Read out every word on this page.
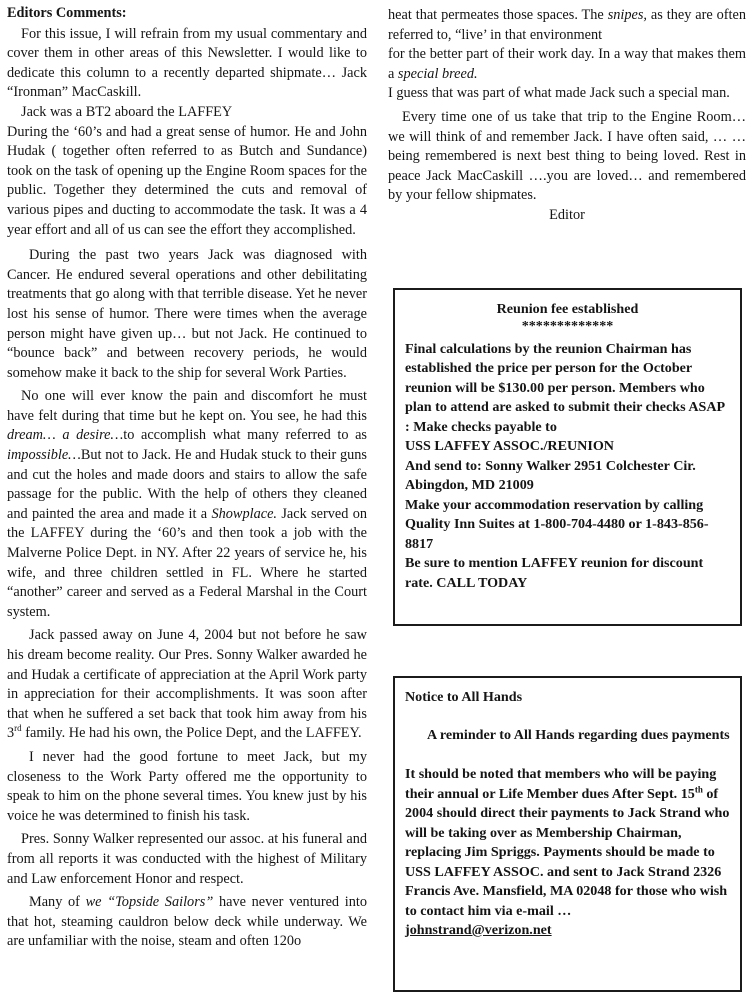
Editors Comments:

For this issue, I will refrain from my usual commentary and cover them in other areas of this Newsletter. I would like to dedicate this column to a recently departed shipmate… Jack “Ironman” MacCaskill.

Jack was a BT2 aboard the LAFFEY

During the ‘60’s and had a great sense of humor. He and John Hudak ( together often referred to as Butch and Sundance) took on the task of opening up the Engine Room spaces for the public. Together they determined the cuts and removal of various pipes and ducting to accommodate the task. It was a 4 year effort and all of us can see the effort they accomplished.

During the past two years Jack was diagnosed with Cancer. He endured several operations and other debilitating treatments that go along with that terrible disease. Yet he never lost his sense of humor. There were times when the average person might have given up… but not Jack. He continued to “bounce back” and between recovery periods, he would somehow make it back to the ship for several Work Parties.

No one will ever know the pain and discomfort he must have felt during that time but he kept on. You see, he had this dream… a desire…to accomplish what many referred to as impossible…But not to Jack. He and Hudak stuck to their guns and cut the holes and made doors and stairs to allow the safe passage for the public. With the help of others they cleaned and painted the area and made it a Showplace. Jack served on the LAFFEY during the ‘60’s and then took a job with the Malverne Police Dept. in NY. After 22 years of service he, his wife, and three children settled in FL. Where he started “another” career and served as a Federal Marshal in the Court system.

Jack passed away on June 4, 2004 but not before he saw his dream become reality. Our Pres. Sonny Walker awarded he and Hudak a certificate of appreciation at the April Work party in appreciation for their accomplishments. It was soon after that when he suffered a set back that took him away from his 3rd family. He had his own, the Police Dept, and the LAFFEY.

I never had the good fortune to meet Jack, but my closeness to the Work Party offered me the opportunity to speak to him on the phone several times. You knew just by his voice he was determined to finish his task.

Pres. Sonny Walker represented our assoc. at his funeral and from all reports it was conducted with the highest of Military and Law enforcement Honor and respect.

Many of we “Topside Sailors” have never ventured into that hot, steaming cauldron below deck while underway. We are unfamiliar with the noise, steam and often 120o

heat that permeates those spaces. The snipes, as they are often referred to, “live’ in that environment

for the better part of their work day. In a way that makes them a special breed.

I guess that was part of what made Jack such a special man.

Every time one of us take that trip to the Engine Room… we will think of and remember Jack. I have often said, … …being remembered is next best thing to being loved. Rest in peace Jack MacCaskill ….you are loved… and remembered by your fellow shipmates.

Editor
Reunion fee established
*************

Final calculations by the reunion Chairman has established the price per person for the October reunion will be $130.00 per person. Members who plan to attend are asked to submit their checks ASAP : Make checks payable to

USS LAFFEY ASSOC./REUNION

And send to: Sonny Walker 2951 Colchester Cir. Abingdon, MD 21009

Make your accommodation reservation by calling

Quality Inn Suites at 1-800-704-4480 or 1-843-856-8817

Be sure to mention LAFFEY reunion for discount rate. CALL TODAY

Notice to All Hands

A reminder to All Hands regarding dues payments

It should be noted that members who will be paying their annual or Life Member dues After Sept. 15th of 2004 should direct their payments to Jack Strand who will be taking over as Membership Chairman, replacing Jim Spriggs. Payments should be made to USS LAFFEY ASSOC. and sent to Jack Strand 2326 Francis Ave. Mansfield, MA 02048 for those who wish to contact him via e-mail …

johnstrand@verizon.net
